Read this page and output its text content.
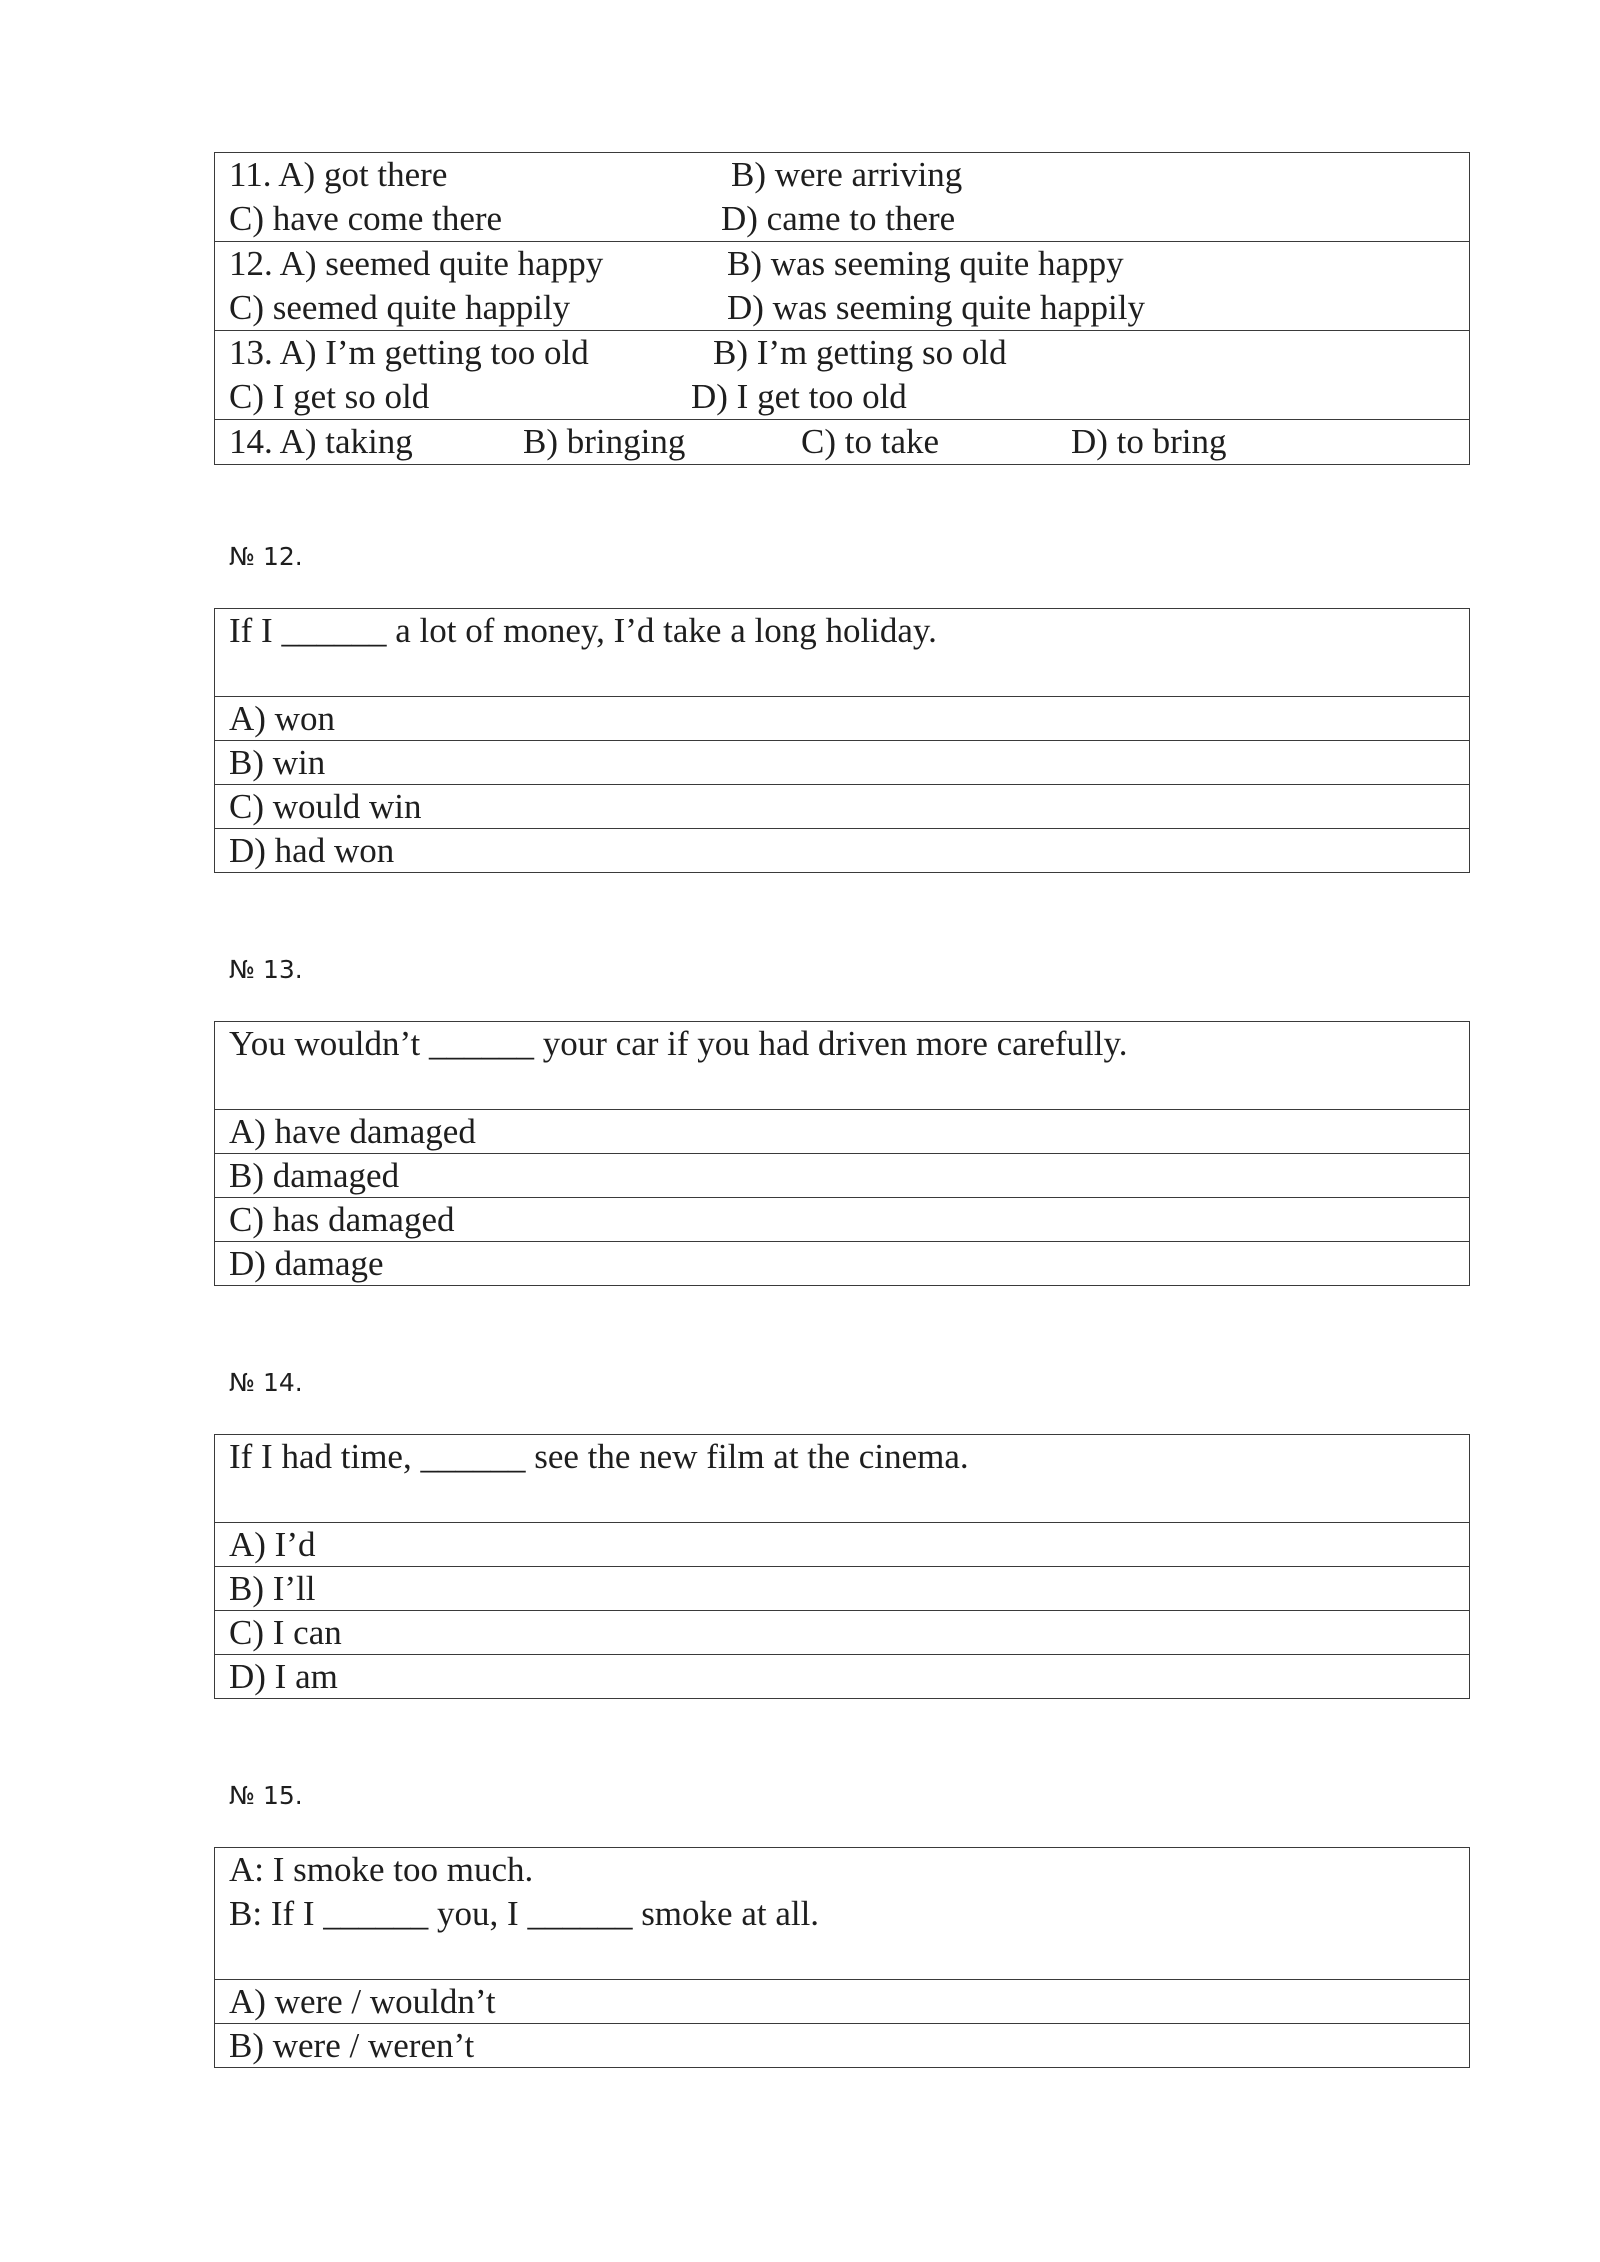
11. A) got there	B) were arriving
C) have come there	D) came to there
12. A) seemed quite happy	B) was seeming quite happy
C) seemed quite happily	D) was seeming quite happily
13. A) I’m getting too old	B) I’m getting so old
C) I get so old	D) I get too old
14. A) taking	B) bringing	C) to take	D) to bring
№ 12.
If I ______ a lot of money, I’d take a long holiday.
A) won
B) win
C) would win
D) had won
№ 13.
You wouldn’t ______ your car if you had driven more carefully.
A) have damaged
B) damaged
C) has damaged
D) damage
№ 14.
If I had time, ______ see the new film at the cinema.
A) I’d
B) I’ll
C) I can
D) I am
№ 15.
A: I smoke too much.
B: If I ______ you, I ______ smoke at all.
A) were / wouldn’t
B) were / weren’t
